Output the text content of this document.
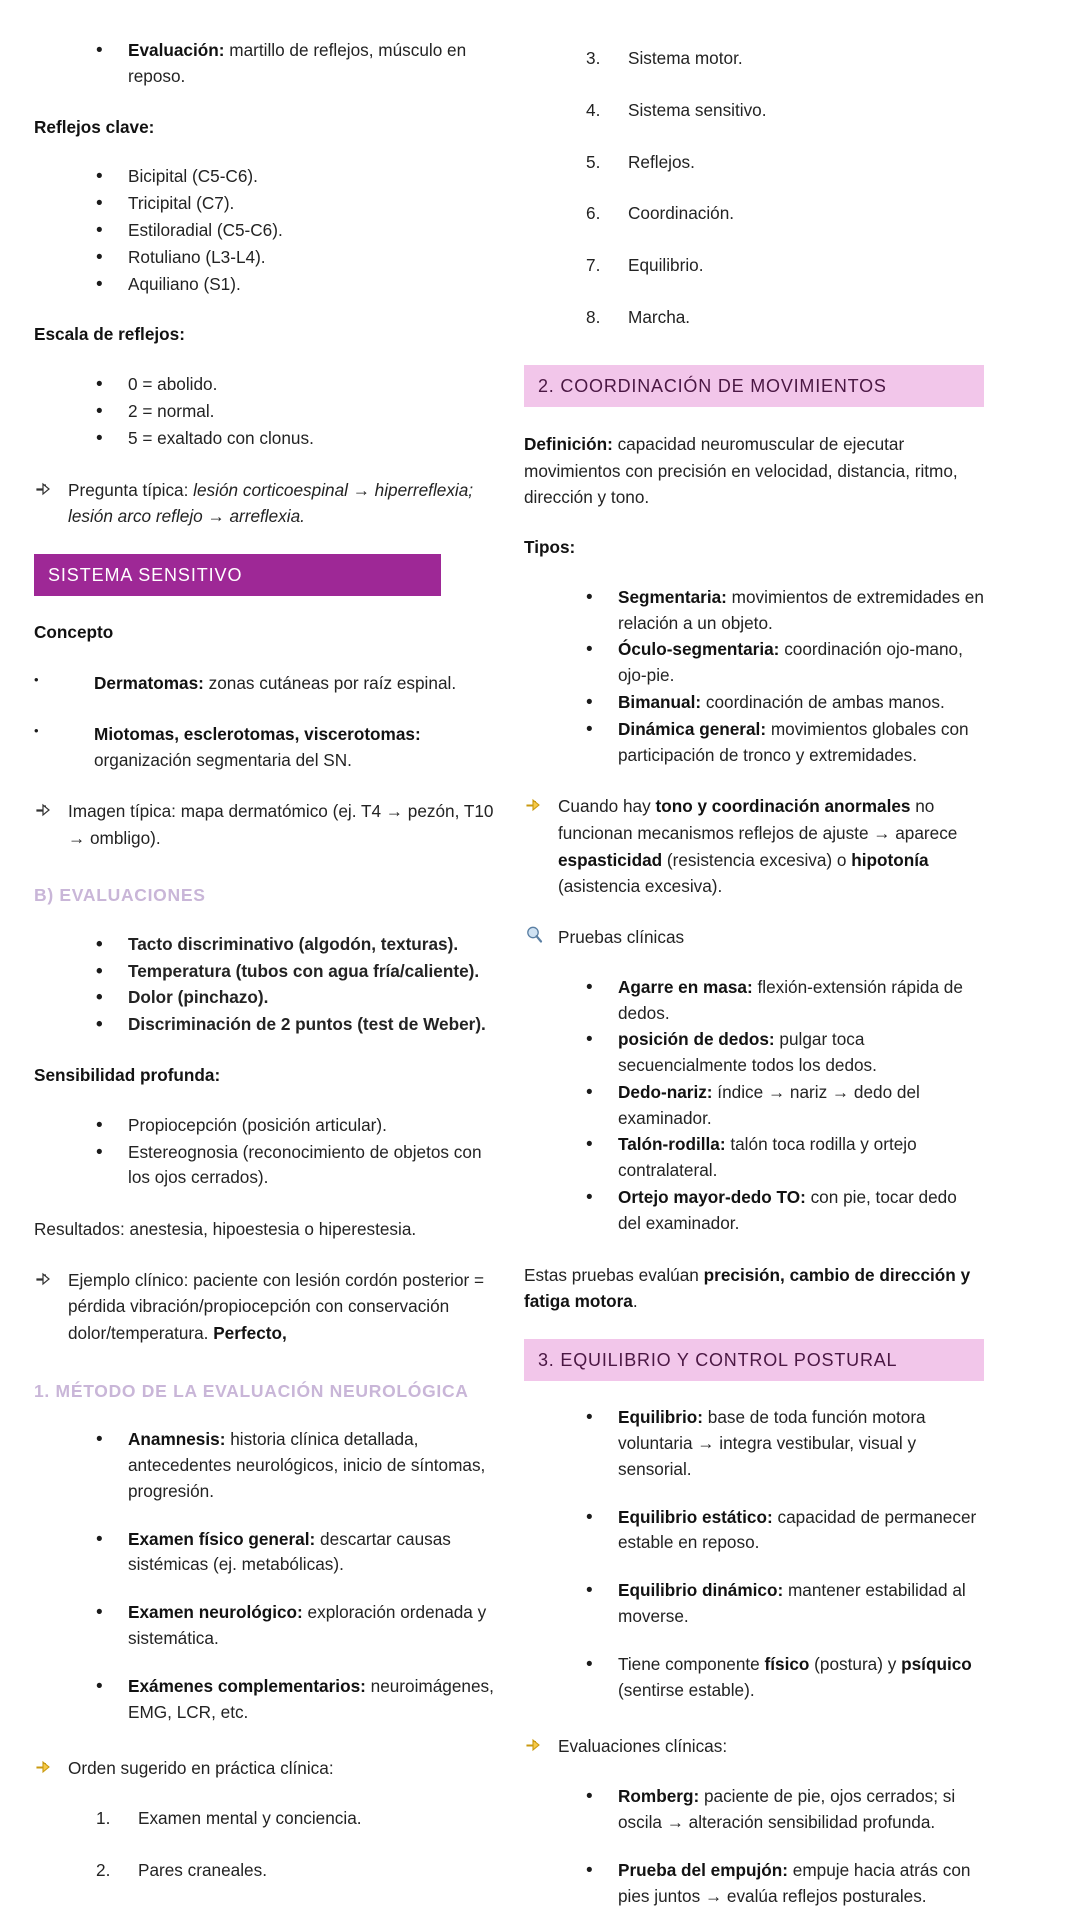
• Evaluación: martillo de reflejos, músculo en reposo.
Reflejos clave:
• Bicipital (C5-C6).
• Tricipital (C7).
• Estiloradial (C5-C6).
• Rotuliano (L3-L4).
• Aquiliano (S1).
Escala de reflejos:
• 0 = abolido.
• 2 = normal.
• 5 = exaltado con clonus.
Pregunta típica: lesión corticoespinal → hiperreflexia; lesión arco reflejo → arreflexia.
SISTEMA SENSITIVO
Concepto
• Dermatomas: zonas cutáneas por raíz espinal.
• Miotomas, esclerotomas, viscerotomas: organización segmentaria del SN.
Imagen típica: mapa dermatómico (ej. T4 → pezón, T10 → ombligo).
B) EVALUACIONES
• Tacto discriminativo (algodón, texturas).
• Temperatura (tubos con agua fría/caliente).
• Dolor (pinchazo).
• Discriminación de 2 puntos (test de Weber).
Sensibilidad profunda:
• Propiocepción (posición articular).
• Estereognosia (reconocimiento de objetos con los ojos cerrados).

Resultados: anestesia, hipoestesia o hiperestesia.

Ejemplo clínico: paciente con lesión cordón posterior = pérdida vibración/propiocepción con conservación dolor/temperatura. Perfecto,
1. MÉTODO DE LA EVALUACIÓN NEUROLÓGICA
• Anamnesis: historia clínica detallada, antecedentes neurológicos, inicio de síntomas, progresión.
• Examen físico general: descartar causas sistémicas (ej. metabólicas).
• Examen neurológico: exploración ordenada y sistemática.
• Exámenes complementarios: neuroimágenes, EMG, LCR, etc.
Orden sugerido en práctica clínica:
Examen mental y conciencia.
Pares craneales.
Sistema motor.
Sistema sensitivo.
Reflejos.
Coordinación.
Equilibrio.
Marcha.
2. COORDINACIÓN DE MOVIMIENTOS

Definición: capacidad neuromuscular de ejecutar movimientos con precisión en velocidad, distancia, ritmo, dirección y tono.

Tipos:
• Segmentaria: movimientos de extremidades en relación a un objeto.
• Óculo-segmentaria: coordinación ojo-mano, ojo-pie.
• Bimanual: coordinación de ambas manos.
• Dinámica general: movimientos globales con participación de tronco y extremidades.
Cuando hay tono y coordinación anormales no funcionan mecanismos reflejos de ajuste → aparece espasticidad (resistencia excesiva) o hipotonía (asistencia excesiva).
Pruebas clínicas
• Agarre en masa: flexión-extensión rápida de dedos.
• posición de dedos: pulgar toca secuencialmente todos los dedos.
• Dedo-nariz: índice → nariz → dedo del examinador.
• Talón-rodilla: talón toca rodilla y ortejo contralateral.
• Ortejo mayor-dedo TO: con pie, tocar dedo del examinador.

Estas pruebas evalúan precisión, cambio de dirección y fatiga motora.

3. EQUILIBRIO Y CONTROL POSTURAL
• Equilibrio: base de toda función motora voluntaria → integra vestibular, visual y sensorial.
• Equilibrio estático: capacidad de permanecer estable en reposo.
• Equilibrio dinámico: mantener estabilidad al moverse.
• Tiene componente físico (postura) y psíquico (sentirse estable).
Evaluaciones clínicas:
• Romberg: paciente de pie, ojos cerrados; si oscila → alteración sensibilidad profunda.
• Prueba del empujón: empuje hacia atrás con pies juntos → evalúa reflejos posturales.
